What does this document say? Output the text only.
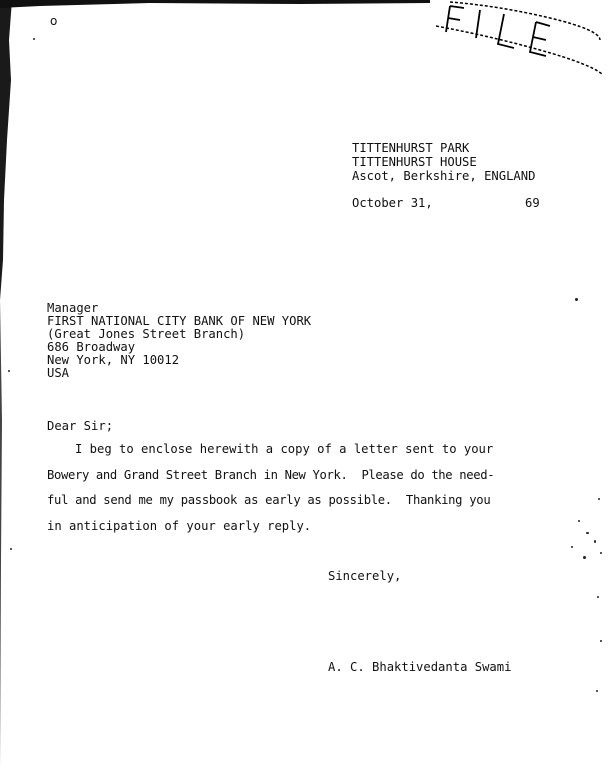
o
TITTENHURST PARK
TITTENHURST HOUSE
Ascot, Berkshire, ENGLAND
October 31,	69
Manager
FIRST NATIONAL CITY BANK OF NEW YORK
(Great Jones Street Branch)
686 Broadway
New York, NY 10012
USA
Dear Sir;
I beg to enclose herewith a copy of a letter sent to your
Bowery and Grand Street Branch in New York.  Please do the need-
ful and send me my passbook as early as possible.  Thanking you
in anticipation of your early reply.
Sincerely,
A. C. Bhaktivedanta Swami
